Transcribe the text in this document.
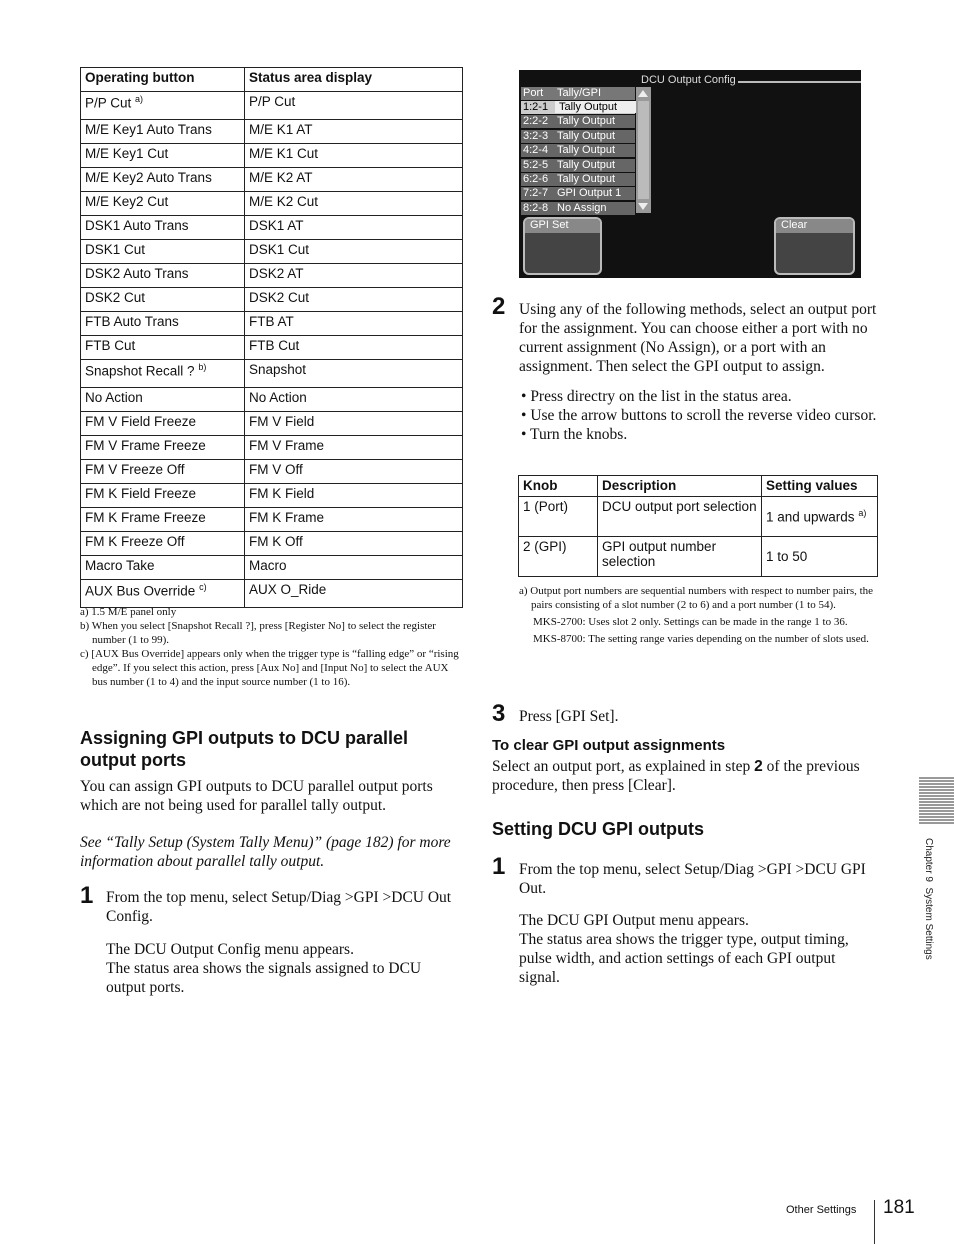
Operating button	Status area display
P/P Cut $^{a)}$	P/P Cut
M/E Key1 Auto Trans	M/E K1 AT
M/E Key1 Cut	M/E K1 Cut
M/E Key2 Auto Trans	M/E K2 AT
M/E Key2 Cut	M/E K2 Cut
DSK1 Auto Trans	DSK1 AT
DSK1 Cut	DSK1 Cut
DSK2 Auto Trans	DSK2 AT
DSK2 Cut	DSK2 Cut
FTB Auto Trans	FTB AT
FTB Cut	FTB Cut
Snapshot Recall ? $^{b)}$	Snapshot
No Action	No Action
FM V Field Freeze	FM V Field
FM V Frame Freeze	FM V Frame
FM V Freeze Off	FM V Off
FM K Field Freeze	FM K Field
FM K Frame Freeze	FM K Frame
FM K Freeze Off	FM K Off
Macro Take	Macro
AUX Bus Override $^{c)}$	AUX O_Ride
a) 1.5 M/E panel only
b) When you select [Snapshot Recall ?], press [Register No] to select the register number (1 to 99).
c) [AUX Bus Override] appears only when the trigger type is “falling edge” or “rising edge”. If you select this action, press [Aux No] and [Input No] to select the AUX bus number (1 to 4) and the input source number (1 to 16).
Assigning GPI outputs to DCU parallel output ports
You can assign GPI outputs to DCU parallel output ports which are not being used for parallel tally output.
See “Tally Setup (System Tally Menu)” (page 182) for more information about parallel tally output.
1 From the top menu, select Setup/Diag >GPI >DCU Out Config.
The DCU Output Config menu appears.
The status area shows the signals assigned to DCU output ports.
DCU Output Config
Port Tally/GPI
1:2-1 Tally Output
2:2-2 Tally Output
3:2-3 Tally Output
4:2-4 Tally Output
5:2-5 Tally Output
6:2-6 Tally Output
7:2-7 GPI Output 1
8:2-8 No Assign
GPI Set	Clear
2 Using any of the following methods, select an output port for the assignment. You can choose either a port with no current assignment (No Assign), or a port with an assignment. Then select the GPI output to assign.
• Press directry on the list in the status area.
• Use the arrow buttons to scroll the reverse video cursor.
• Turn the knobs.
Knob	Description	Setting values
1 (Port)	DCU output port selection	1 and upwards $^{a)}$
2 (GPI)	GPI output number selection	1 to 50
a) Output port numbers are sequential numbers with respect to number pairs, the pairs consisting of a slot number (2 to 6) and a port number (1 to 54).
MKS-2700: Uses slot 2 only. Settings can be made in the range 1 to 36.
MKS-8700: The setting range varies depending on the number of slots used.
3 Press [GPI Set].
To clear GPI output assignments
Select an output port, as explained in step 2 of the previous procedure, then press [Clear].
Setting DCU GPI outputs
1 From the top menu, select Setup/Diag >GPI >DCU GPI Out.
The DCU GPI Output menu appears.
The status area shows the trigger type, output timing, pulse width, and action settings of each GPI output signal.
Chapter 9  System Settings
Other Settings 181
